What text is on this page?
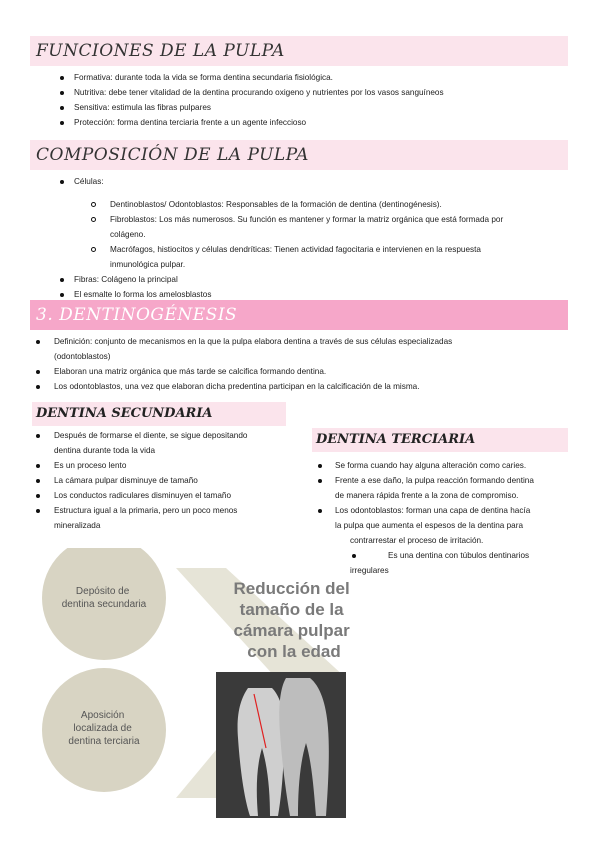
FUNCIONES DE LA PULPA
Formativa: durante toda la vida se forma dentina secundaria fisiológica.
Nutritiva: debe tener vitalidad de la dentina procurando oxigeno y nutrientes por los vasos sanguíneos
Sensitiva: estimula las fibras pulpares
Protección: forma dentina terciaria frente a un agente infeccioso
COMPOSICIÓN DE LA PULPA
Células:
Dentinoblastos/ Odontoblastos: Responsables de la formación de dentina (dentinogénesis).
Fibroblastos: Los más numerosos. Su función es mantener y formar la matriz orgánica que está formada por
colágeno.
Macrófagos, histiocitos y células dendríticas: Tienen actividad fagocitaria e intervienen en la respuesta
inmunológica pulpar.
Fibras: Colágeno la principal
El esmalte lo forma los amelosblastos
3. DENTINOGÉNESIS
Definición: conjunto de mecanismos en la que la pulpa elabora dentina a través de sus células especializadas
(odontoblastos)
Elaboran una matriz orgánica que más tarde se calcifica formando dentina.
Los odontoblastos, una vez que elaboran dicha predentina participan en la calcificación de la misma.
DENTINA SECUNDARIA
Después de formarse el diente, se sigue depositando
dentina durante toda la vida
Es un proceso lento
La cámara pulpar disminuye de tamaño
Los conductos radiculares disminuyen el tamaño
Estructura igual a la primaria, pero un poco menos
mineralizada
DENTINA TERCIARIA
Se forma cuando hay alguna alteración como caries.
Frente a ese daño, la pulpa reacción formando dentina
de manera rápida frente a la zona de compromiso.
Los odontoblastos: forman una capa de dentina hacía
la pulpa que aumenta el espesos de la dentina para
contrarrestar el proceso de irritación.
Es una dentina con túbulos dentinarios
irregulares
Depósito de dentina secundaria
Aposición localizada de dentina terciaria
Reducción del tamaño de la cámara pulpar con la edad
